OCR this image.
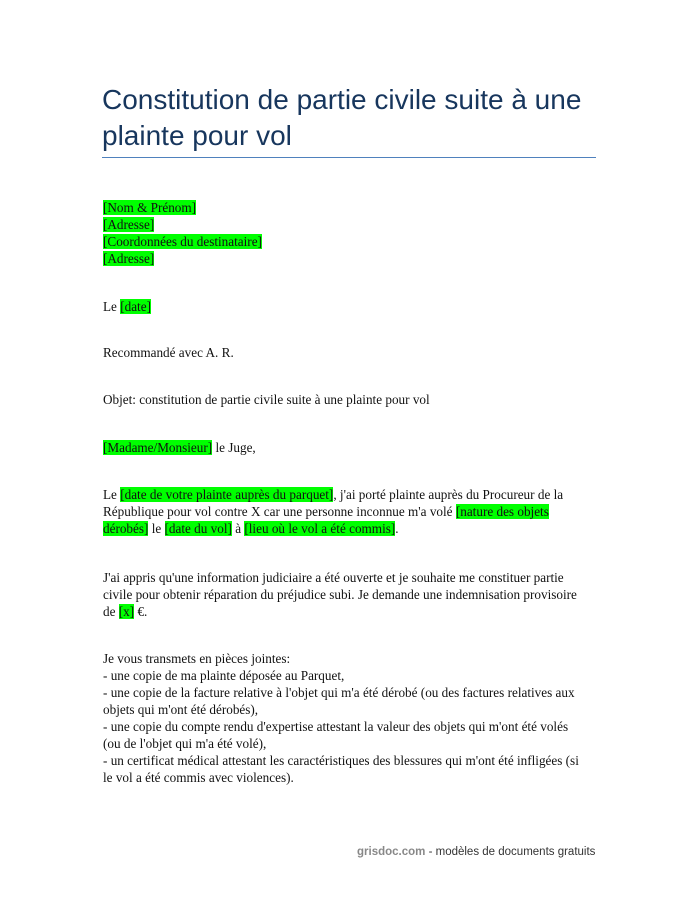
Constitution de partie civile suite à une plainte pour vol
[Nom & Prénom]
[Adresse]
[Coordonnées du destinataire]
[Adresse]
Le [date]
Recommandé avec A. R.
Objet: constitution de partie civile suite à une plainte pour vol
[Madame/Monsieur] le Juge,
Le [date de votre plainte auprès du parquet], j'ai porté plainte auprès du Procureur de la
République pour vol contre X car une personne inconnue m'a volé [nature des objets
dérobés] le [date du vol] à [lieu où le vol a été commis].
J'ai appris qu'une information judiciaire a été ouverte et je souhaite me constituer partie
civile pour obtenir réparation du préjudice subi. Je demande une indemnisation provisoire
de [x] €.
Je vous transmets en pièces jointes:
- une copie de ma plainte déposée au Parquet,
- une copie de la facture relative à l'objet qui m'a été dérobé (ou des factures relatives aux
objets qui m'ont été dérobés),
- une copie du compte rendu d'expertise attestant la valeur des objets qui m'ont été volés
(ou de l'objet qui m'a été volé),
- un certificat médical attestant les caractéristiques des blessures qui m'ont été infligées (si
le vol a été commis avec violences).
grisdoc.com - modèles de documents gratuits
